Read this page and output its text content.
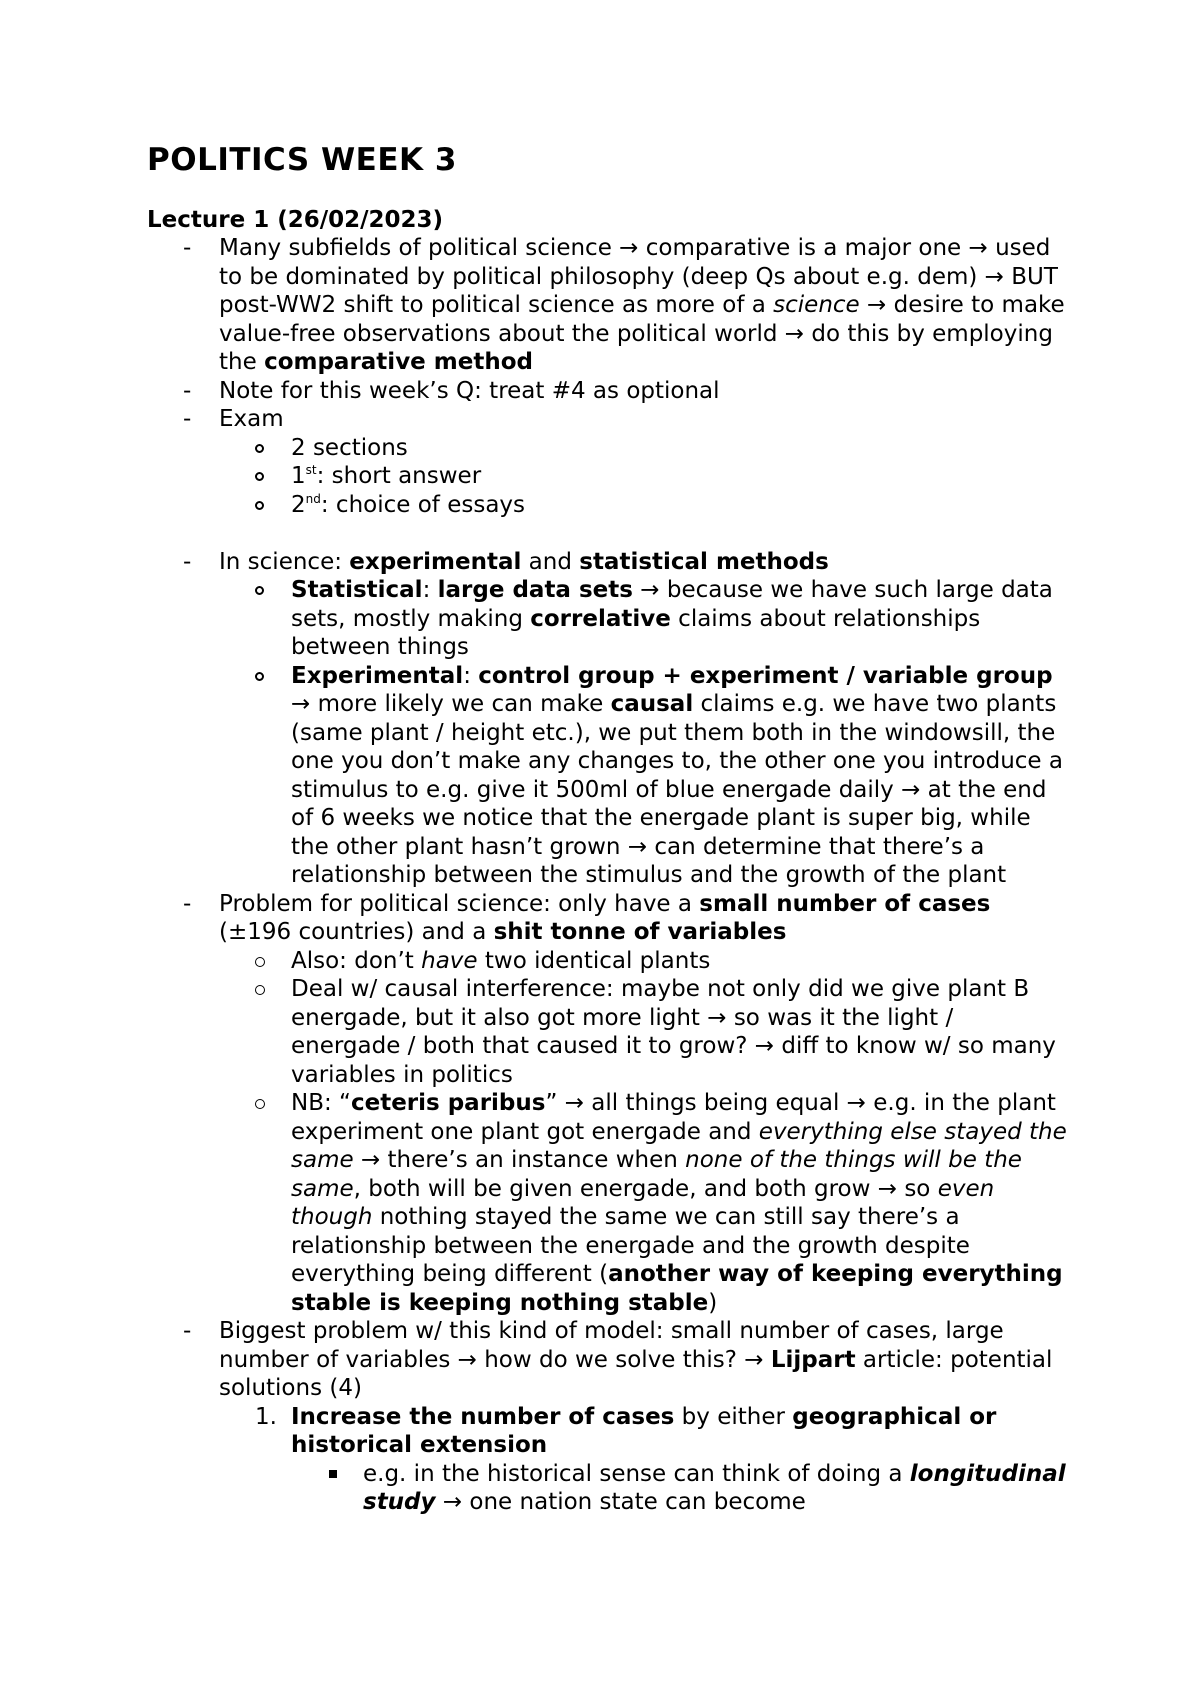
POLITICS WEEK 3
Lecture 1 (26/02/2023)
- Many subfields of political science → comparative is a major one → used to be dominated by political philosophy (deep Qs about e.g. dem) → BUT post-WW2 shift to political science as more of a science → desire to make value-free observations about the political world → do this by employing the comparative method
- Note for this week’s Q: treat #4 as optional
- Exam
2 sections
1st: short answer
2nd: choice of essays
- In science: experimental and statistical methods
Statistical: large data sets → because we have such large data sets, mostly making correlative claims about relationships between things
Experimental: control group + experiment / variable group → more likely we can make causal claims e.g. we have two plants (same plant / height etc.), we put them both in the windowsill, the one you don’t make any changes to, the other one you introduce a stimulus to e.g. give it 500ml of blue energade daily → at the end of 6 weeks we notice that the energade plant is super big, while the other plant hasn’t grown → can determine that there’s a relationship between the stimulus and the growth of the plant
- Problem for political science: only have a small number of cases (±196 countries) and a shit tonne of variables
Also: don’t have two identical plants
Deal w/ causal interference: maybe not only did we give plant B energade, but it also got more light → so was it the light / energade / both that caused it to grow? → diff to know w/ so many variables in politics
NB: “ceteris paribus” → all things being equal → e.g. in the plant experiment one plant got energade and everything else stayed the same → there’s an instance when none of the things will be the same, both will be given energade, and both grow → so even though nothing stayed the same we can still say there’s a relationship between the energade and the growth despite everything being different (another way of keeping everything stable is keeping nothing stable)
- Biggest problem w/ this kind of model: small number of cases, large number of variables → how do we solve this? → Lijpart article: potential solutions (4)
1. Increase the number of cases by either geographical or historical extension
e.g. in the historical sense can think of doing a longitudinal study → one nation state can become
